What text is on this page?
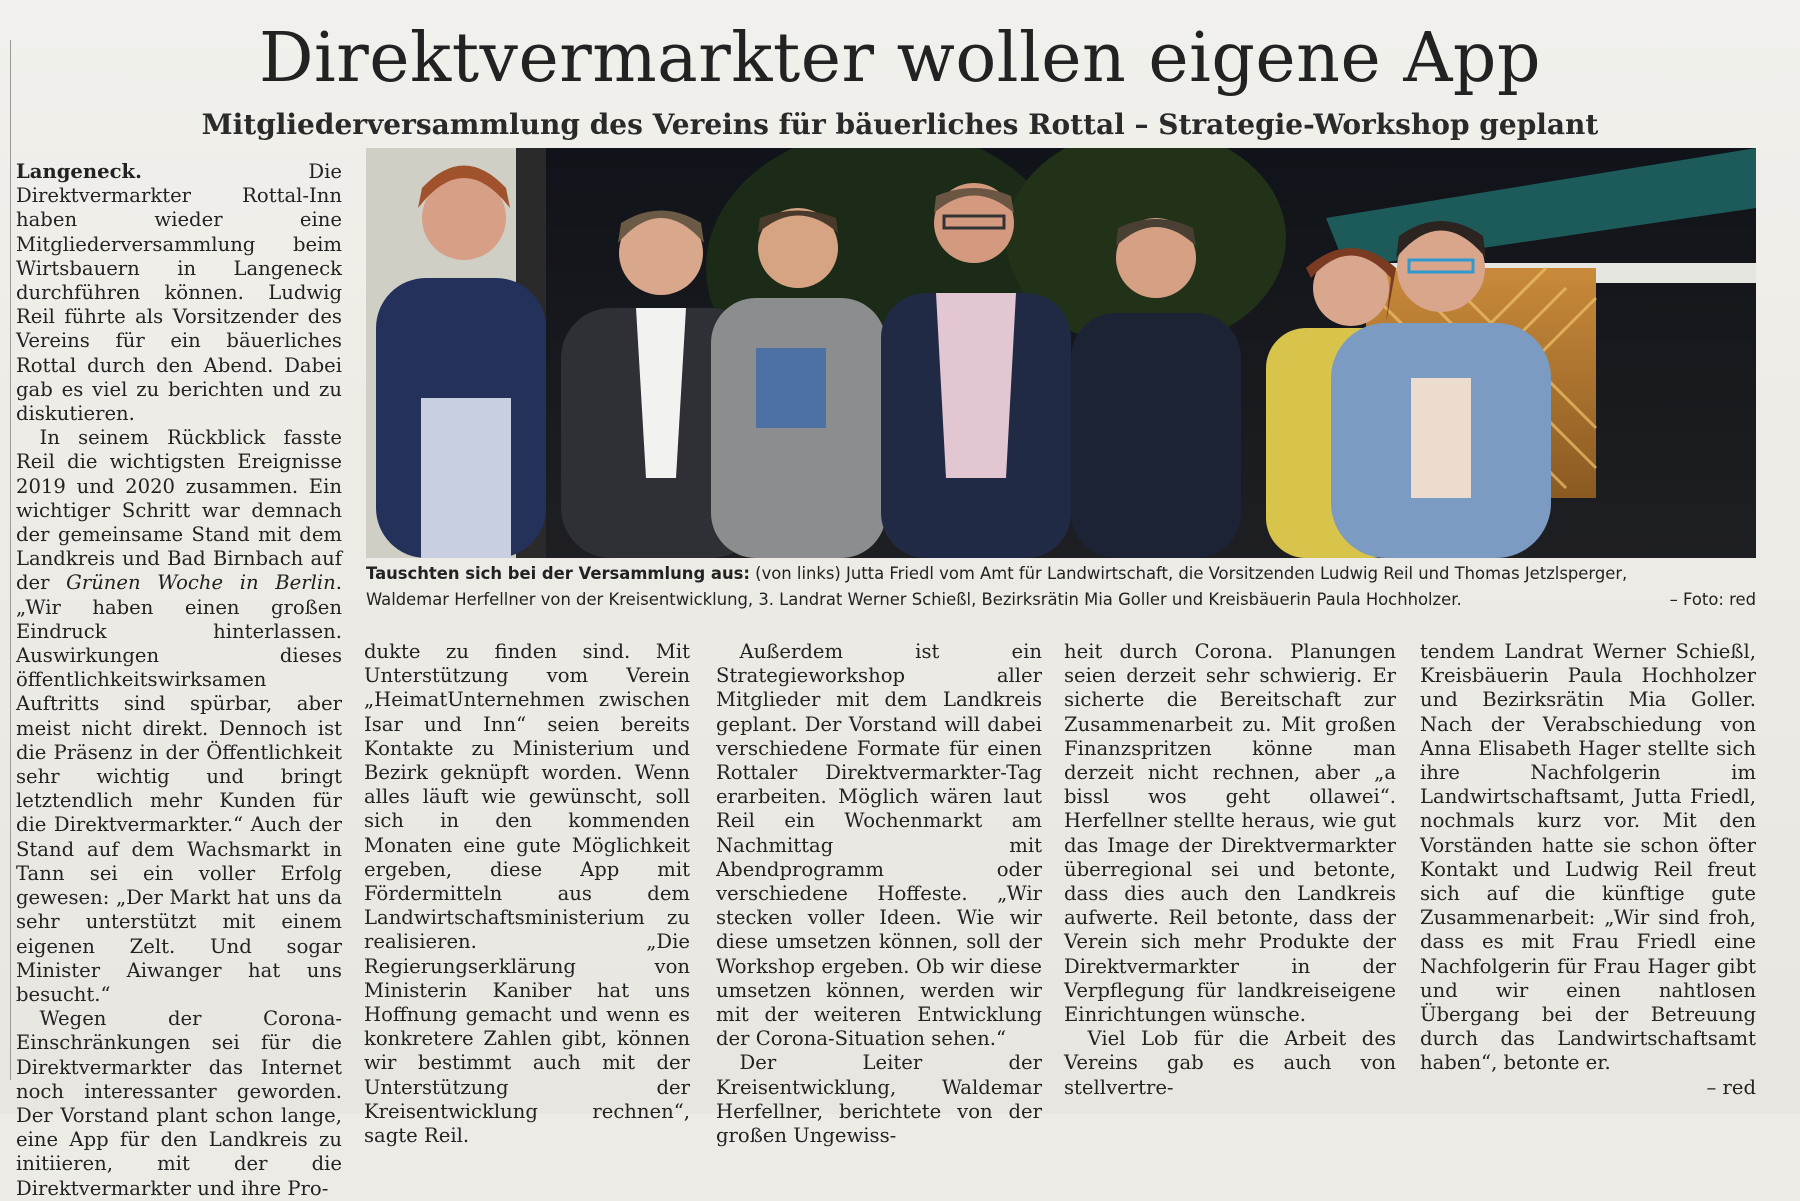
Direktvermarkter wollen eigene App
Mitgliederversammlung des Vereins für bäuerliches Rottal – Strategie-Workshop geplant
Tauschten sich bei der Versammlung aus: (von links) Jutta Friedl vom Amt für Landwirtschaft, die Vorsitzenden Ludwig Reil und Thomas Jetzlsperger,
Waldemar Herfellner von der Kreisentwicklung, 3. Landrat Werner Schießl, Bezirksrätin Mia Goller und Kreisbäuerin Paula Hochholzer.	– Foto: red

Langeneck.	Die Direktvermarkter Rottal-Inn haben wieder eine Mitgliederversammlung beim Wirtsbauern in Langeneck durchführen können. Ludwig Reil führte als Vorsitzender des Vereins für ein bäuerliches Rottal durch den Abend. Dabei gab es viel zu berichten und zu diskutieren.

In seinem Rückblick fasste Reil die wichtigsten Ereignisse 2019 und 2020 zusammen. Ein wichtiger Schritt war demnach der gemeinsame Stand mit dem Landkreis und Bad Birnbach auf der Grünen Woche in Berlin. „Wir haben einen großen Eindruck hinterlassen. Auswirkungen dieses öffentlichkeitswirksamen Auftritts sind spürbar, aber meist nicht direkt. Dennoch ist die Präsenz in der Öffentlichkeit sehr wichtig und bringt letztendlich mehr Kunden für die Direktvermarkter.“ Auch der Stand auf dem Wachsmarkt in Tann sei ein voller Erfolg gewesen: „Der Markt hat uns da sehr unterstützt mit einem eigenen Zelt. Und sogar Minister Aiwanger hat uns besucht.“

Wegen der Corona-Einschränkungen sei für die Direktvermarkter das Internet noch interessanter geworden. Der Vorstand plant schon lange, eine App für den Landkreis zu initiieren, mit der die Direktvermarkter und ihre Pro-

dukte zu finden sind. Mit Unterstützung vom Verein „HeimatUnternehmen zwischen Isar und Inn“ seien bereits Kontakte zu Ministerium und Bezirk geknüpft worden. Wenn alles läuft wie gewünscht, soll sich in den kommenden Monaten eine gute Möglichkeit ergeben, diese App mit Fördermitteln aus dem Landwirtschaftsministerium zu realisieren. „Die Regierungserklärung von Ministerin Kaniber hat uns Hoffnung gemacht und wenn es konkretere Zahlen gibt, können wir bestimmt auch mit der Unterstützung der Kreisentwicklung rechnen“, sagte Reil.

Außerdem ist ein Strategieworkshop aller Mitglieder mit dem Landkreis geplant. Der Vorstand will dabei verschiedene Formate für einen Rottaler Direktvermarkter-Tag erarbeiten. Möglich wären laut Reil ein Wochenmarkt am Nachmittag mit Abendprogramm oder verschiedene Hoffeste. „Wir stecken voller Ideen. Wie wir diese umsetzen können, soll der Workshop ergeben. Ob wir diese umsetzen können, werden wir mit der weiteren Entwicklung der Corona-Situation sehen.“

Der Leiter der Kreisentwicklung, Waldemar Herfellner, berichtete von der großen Ungewiss-

heit durch Corona. Planungen seien derzeit sehr schwierig. Er sicherte die Bereitschaft zur Zusammenarbeit zu. Mit großen Finanzspritzen könne man derzeit nicht rechnen, aber „a bissl wos geht ollawei“. Herfellner stellte heraus, wie gut das Image der Direktvermarkter überregional sei und betonte, dass dies auch den Landkreis aufwerte. Reil betonte, dass der Verein sich mehr Produkte der Direktvermarkter in der Verpflegung für landkreiseigene Einrichtungen wünsche.

Viel Lob für die Arbeit des Vereins gab es auch von stellvertre-

tendem Landrat Werner Schießl, Kreisbäuerin Paula Hochholzer und Bezirksrätin Mia Goller. Nach der Verabschiedung von Anna Elisabeth Hager stellte sich ihre Nachfolgerin im Landwirtschaftsamt, Jutta Friedl, nochmals kurz vor. Mit den Vorständen hatte sie schon öfter Kontakt und Ludwig Reil freut sich auf die künftige gute Zusammenarbeit: „Wir sind froh, dass es mit Frau Friedl eine Nachfolgerin für Frau Hager gibt und wir einen nahtlosen Übergang bei der Betreuung durch das Landwirtschaftsamt haben“, betonte er.

– red
